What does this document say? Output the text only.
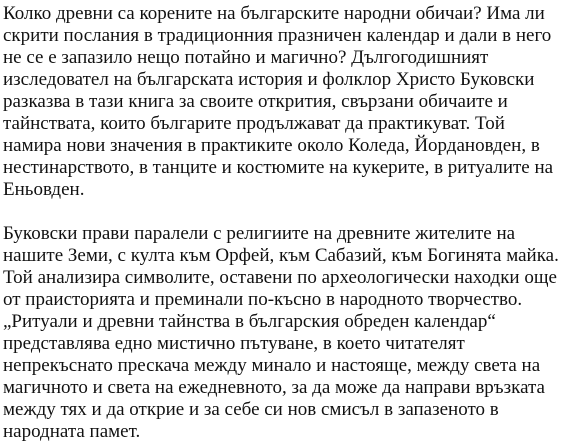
Колко древни са корените на българските народни обичаи? Има ли
скрити послания в традиционния празничен календар и дали в него
не се е запазило нещо потайно и магично? Дългогодишният
изследовател на българската история и фолклор Христо Буковски
разказва в тази книга за своите открития, свързани обичаите и
тайнствата, които българите продължават да практикуват. Той
намира нови значения в практиките около Коледа, Йордановден, в
нестинарството, в танците и костюмите на кукерите, в ритуалите на
Еньовден.
Буковски прави паралели с религиите на древните жителите на
нашите Земи, с култа към Орфей, към Сабазий, към Богинята майка.
Той анализира символите, оставени по археологически находки още
от праисторията и преминали по-късно в народното творчество.
„Ритуали и древни тайнства в българския обреден календар“
представлява едно мистично пътуване, в което читателят
непрекъснато прескача между минало и настояще, между света на
магичното и света на ежедневното, за да може да направи връзката
между тях и да открие и за себе си нов смисъл в запазеното в
народната памет.
